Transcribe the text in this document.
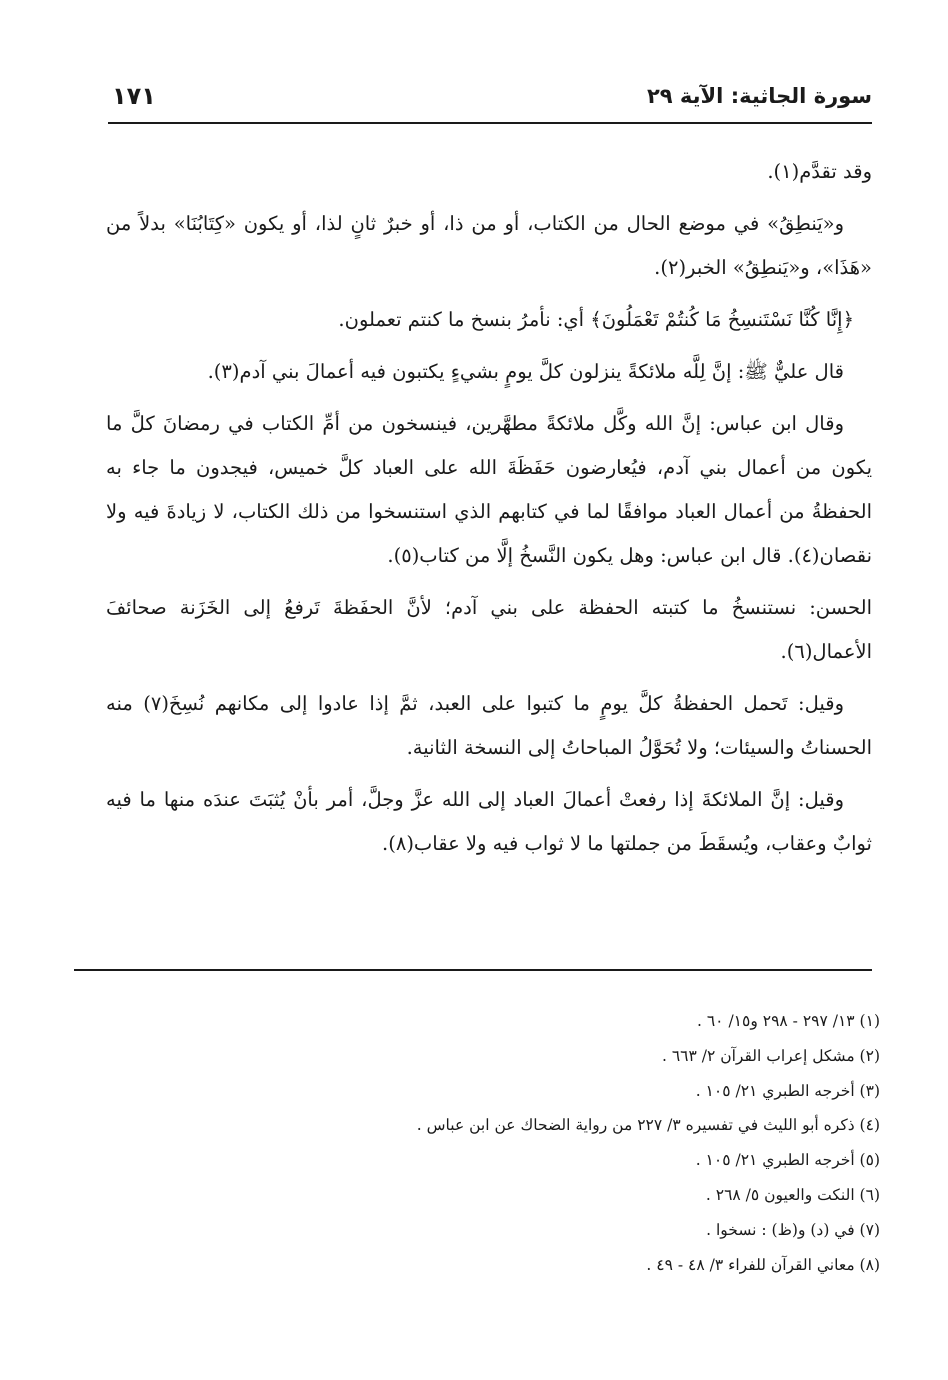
سورة الجاثية: الآية ٢٩
١٧١

وقد تقدَّم(١).

و«يَنطِقُ» في موضع الحال من الكتاب، أو من ذا، أو خبرٌ ثانٍ لذا، أو يكون «كِتَابُنَا» بدلاً من «هَذَا»، و«يَنطِقُ» الخبر(٢).

﴿إِنَّا كُنَّا نَسْتَنسِخُ مَا كُنتُمْ تَعْمَلُونَ﴾ أي: نأمرُ بنسخ ما كنتم تعملون.

قال عليٌّ ﷺ: إنَّ لِلَّه ملائكةً ينزلون كلَّ يومٍ بشيءٍ يكتبون فيه أعمالَ بني آدم(٣).

وقال ابن عباس: إنَّ الله وكَّل ملائكةً مطهَّرين، فينسخون من أمِّ الكتاب في رمضانَ كلَّ ما يكون من أعمال بني آدم، فيُعارضون حَفَظَةَ الله على العباد كلَّ خميس، فيجدون ما جاء به الحفظةُ من أعمال العباد موافقًا لما في كتابهم الذي استنسخوا من ذلك الكتاب، لا زيادةَ فيه ولا نقصان(٤). قال ابن عباس: وهل يكون النَّسخُ إلَّا من كتاب(٥).

الحسن: نستنسخُ ما كتبته الحفظة على بني آدم؛ لأنَّ الحفَظةَ تَرفعُ إلى الخَزَنة صحائفَ الأعمال(٦).

وقيل: تَحمل الحفظةُ كلَّ يومٍ ما كتبوا على العبد، ثمَّ إذا عادوا إلى مكانهم نُسِخَ(٧) منه الحسناتُ والسيئات؛ ولا تُحَوَّلُ المباحاتُ إلى النسخة الثانية.

وقيل: إنَّ الملائكةَ إذا رفعتْ أعمالَ العباد إلى الله عزَّ وجلَّ، أمر بأنْ يُثبَتَ عندَه منها ما فيه ثوابٌ وعقاب، ويُسقَطَ من جملتها ما لا ثواب فيه ولا عقاب(٨).

(١) ١٣/ ٢٩٧ - ٢٩٨ و١٥/ ٦٠ .

(٢) مشكل إعراب القرآن ٢/ ٦٦٣ .

(٣) أخرجه الطبري ٢١/ ١٠٥ .

(٤) ذكره أبو الليث في تفسيره ٣/ ٢٢٧ من رواية الضحاك عن ابن عباس .

(٥) أخرجه الطبري ٢١/ ١٠٥ .

(٦) النكت والعيون ٥/ ٢٦٨ .

(٧) في (د) و(ظ) : نسخوا .

(٨) معاني القرآن للفراء ٣/ ٤٨ - ٤٩ .
